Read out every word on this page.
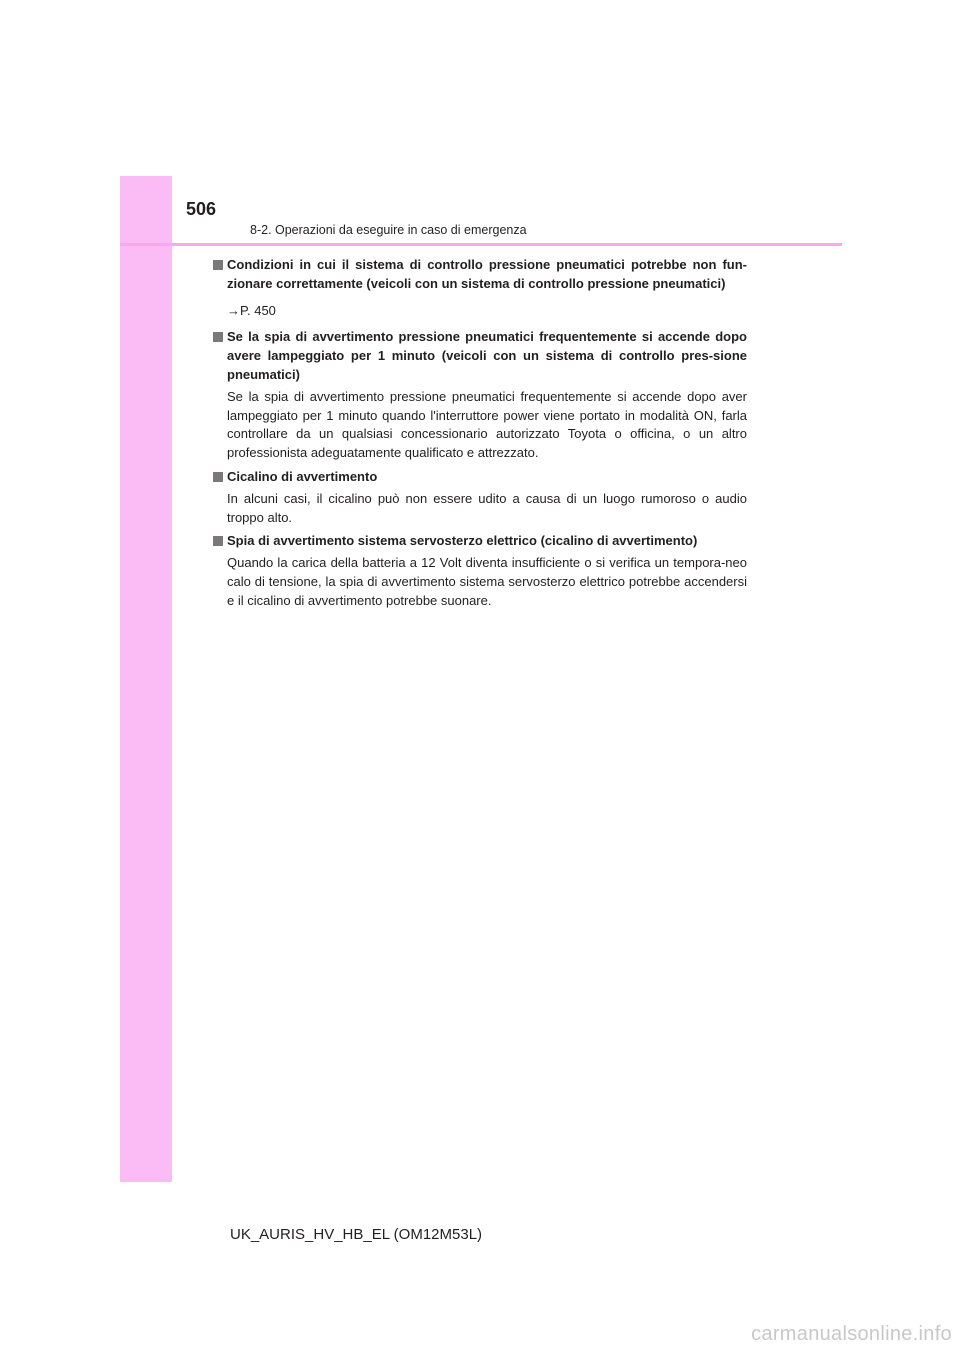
506
8-2. Operazioni da eseguire in caso di emergenza
Condizioni in cui il sistema di controllo pressione pneumatici potrebbe non fun-zionare correttamente (veicoli con un sistema di controllo pressione pneumatici)
→P. 450
Se la spia di avvertimento pressione pneumatici frequentemente si accende dopo avere lampeggiato per 1 minuto (veicoli con un sistema di controllo pres-sione pneumatici)
Se la spia di avvertimento pressione pneumatici frequentemente si accende dopo aver lampeggiato per 1 minuto quando l'interruttore power viene portato in modalità ON, farla controllare da un qualsiasi concessionario autorizzato Toyota o officina, o un altro professionista adeguatamente qualificato e attrezzato.
Cicalino di avvertimento
In alcuni casi, il cicalino può non essere udito a causa di un luogo rumoroso o audio troppo alto.
Spia di avvertimento sistema servosterzo elettrico (cicalino di avvertimento)
Quando la carica della batteria a 12 Volt diventa insufficiente o si verifica un tempora-neo calo di tensione, la spia di avvertimento sistema servosterzo elettrico potrebbe accendersi e il cicalino di avvertimento potrebbe suonare.
UK_AURIS_HV_HB_EL (OM12M53L)
carmanualsonline.info
